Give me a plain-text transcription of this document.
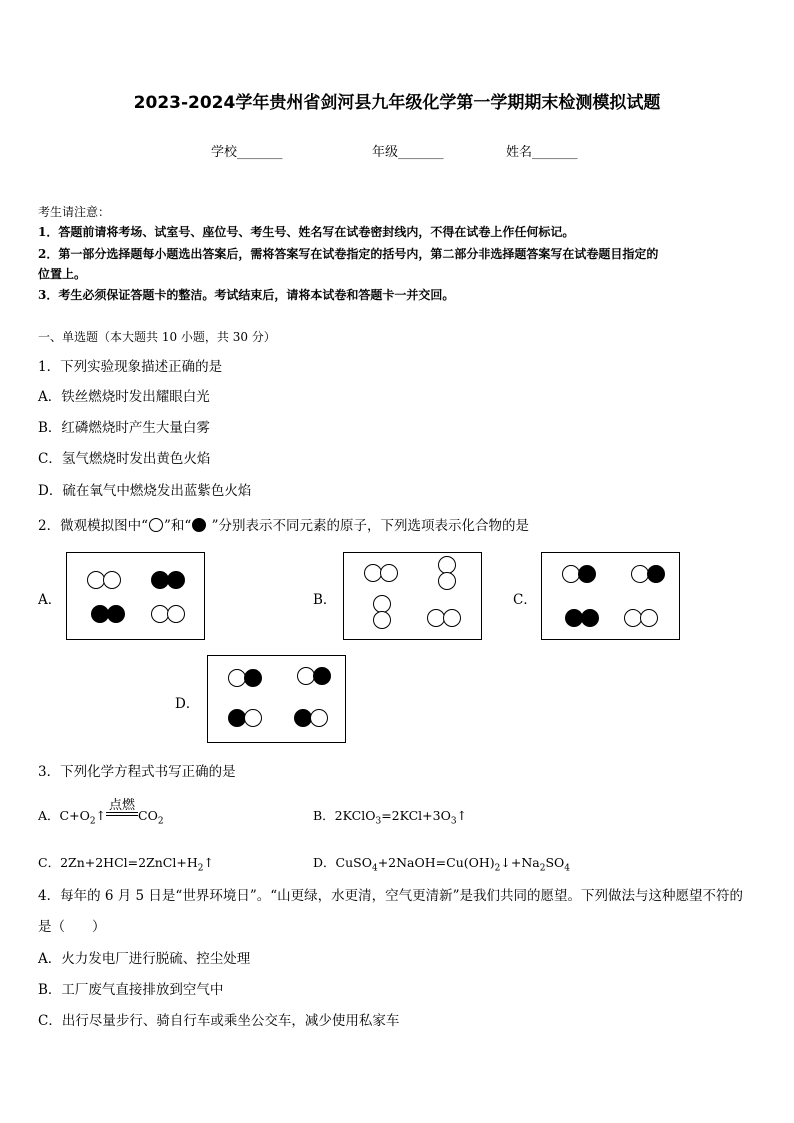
2023-2024学年贵州省剑河县九年级化学第一学期期末检测模拟试题
学校_______	年级_______	姓名_______
考生请注意：
1．答题前请将考场、试室号、座位号、考生号、姓名写在试卷密封线内，不得在试卷上作任何标记。
2．第一部分选择题每小题选出答案后，需将答案写在试卷指定的括号内，第二部分非选择题答案写在试卷题目指定的
位置上。
3．考生必须保证答题卡的整洁。考试结束后，请将本试卷和答题卡一并交回。
一、单选题（本大题共 10 小题，共 30 分）
1．下列实验现象描述正确的是
A．铁丝燃烧时发出耀眼白光
B．红磷燃烧时产生大量白雾
C．氢气燃烧时发出黄色火焰
D．硫在氧气中燃烧发出蓝紫色火焰
2．微观模拟图中“ ”和“ ”分别表示不同元素的原子，下列选项表示化合物的是
A．	B．	C．
D．
3．下列化学方程式书写正确的是
A．$C+O_2↑$
点燃
$CO_2$	B．$2KClO_3=2KCl+3O_3↑$
C．$2Zn+2HCl=2ZnCl+H_2↑$	D．$CuSO_4+2NaOH=Cu(OH)_2↓+Na_2SO_4$
4．每年的 6 月 5 日是“世界环境日”。“山更绿，水更清，空气更清新”是我们共同的愿望。下列做法与这种愿望不符的
是（　　）
A．火力发电厂进行脱硫、控尘处理
B．工厂废气直接排放到空气中
C．出行尽量步行、骑自行车或乘坐公交车，减少使用私家车
